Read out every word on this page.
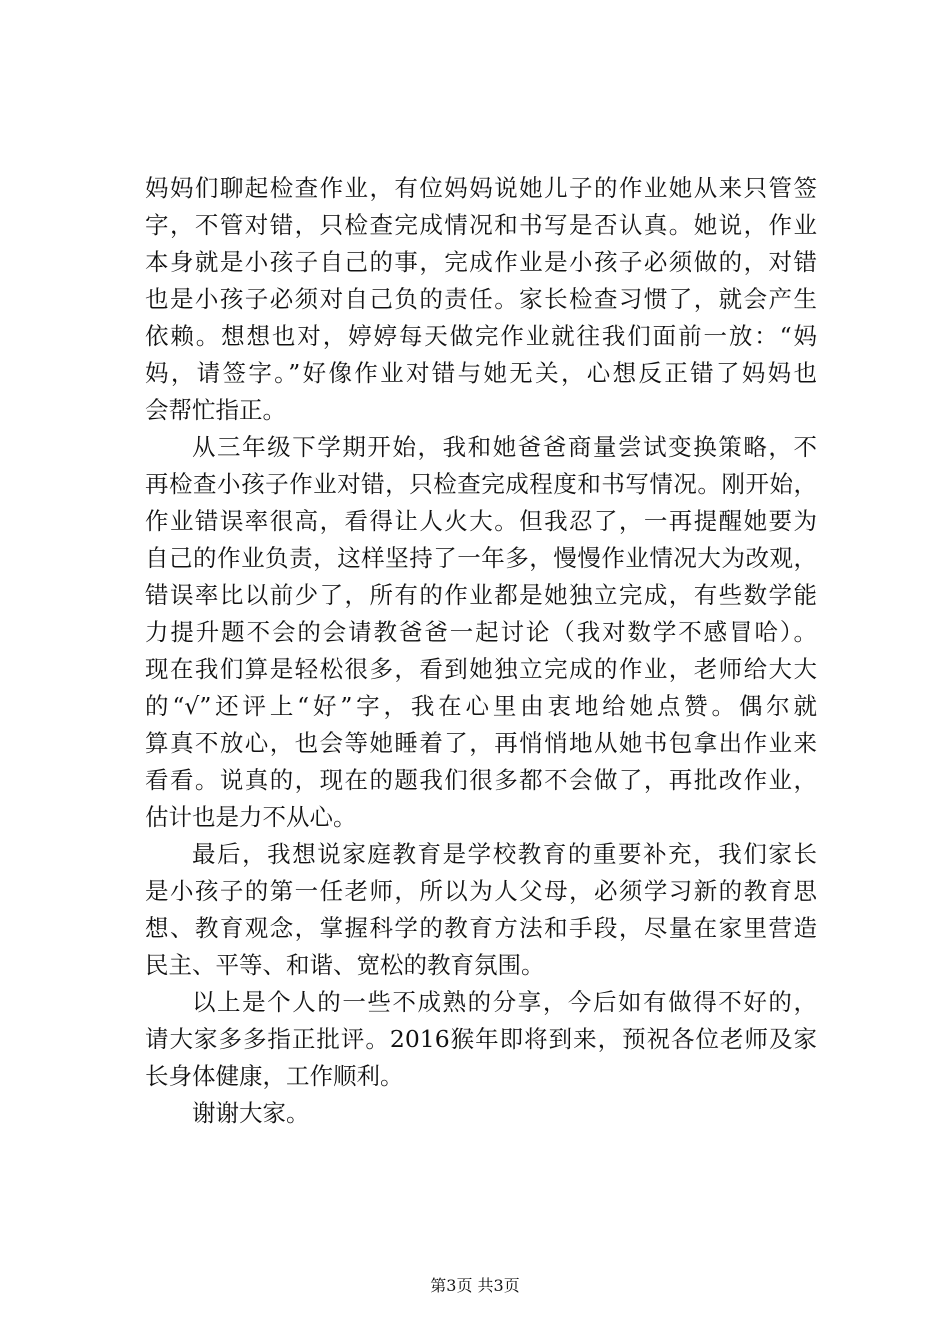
妈妈们聊起检查作业，有位妈妈说她儿子的作业她从来只管签
字，不管对错，只检查完成情况和书写是否认真。她说，作业
本身就是小孩子自己的事，完成作业是小孩子必须做的，对错
也是小孩子必须对自己负的责任。家长检查习惯了，就会产生
依赖。想想也对，婷婷每天做完作业就往我们面前一放：“妈
妈，请签字。”好像作业对错与她无关，心想反正错了妈妈也
会帮忙指正。
从三年级下学期开始，我和她爸爸商量尝试变换策略，不
再检查小孩子作业对错，只检查完成程度和书写情况。刚开始，
作业错误率很高，看得让人火大。但我忍了，一再提醒她要为
自己的作业负责，这样坚持了一年多，慢慢作业情况大为改观，
错误率比以前少了，所有的作业都是她独立完成，有些数学能
力提升题不会的会请教爸爸一起讨论（我对数学不感冒哈）。
现在我们算是轻松很多，看到她独立完成的作业，老师给大大
的“√”还评上“好”字，我在心里由衷地给她点赞。偶尔就
算真不放心，也会等她睡着了，再悄悄地从她书包拿出作业来
看看。说真的，现在的题我们很多都不会做了，再批改作业，
估计也是力不从心。
最后，我想说家庭教育是学校教育的重要补充，我们家长
是小孩子的第一任老师，所以为人父母，必须学习新的教育思
想、教育观念，掌握科学的教育方法和手段，尽量在家里营造
民主、平等、和谐、宽松的教育氛围。
以上是个人的一些不成熟的分享，今后如有做得不好的，
请大家多多指正批评。2016猴年即将到来，预祝各位老师及家
长身体健康，工作顺利。
谢谢大家。
第3页 共3页
